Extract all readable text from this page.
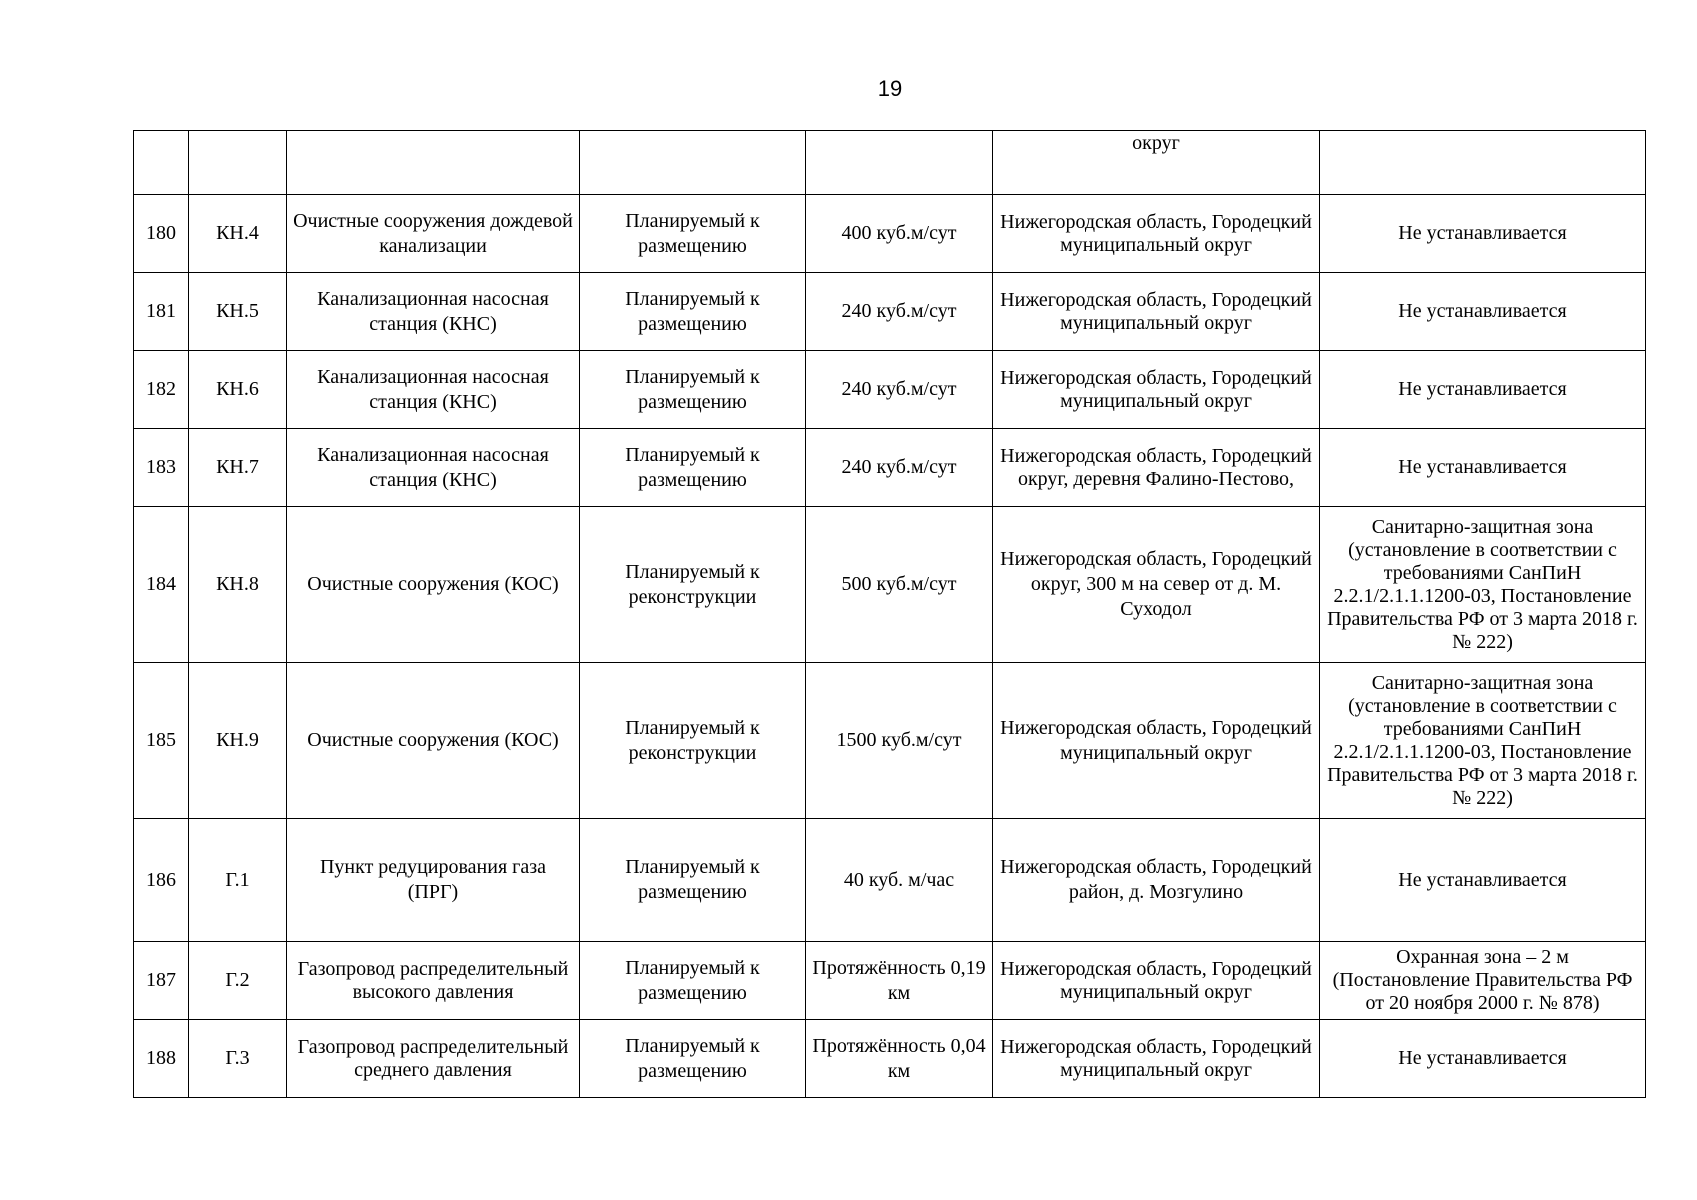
19
					округ	
180	КН.4	Очистные сооружения дождевой канализации	Планируемый к размещению	400 куб.м/сут	Нижегородская область, Городецкий муниципальный округ	Не устанавливается
181	КН.5	Канализационная насосная станция (КНС)	Планируемый к размещению	240 куб.м/сут	Нижегородская область, Городецкий муниципальный округ	Не устанавливается
182	КН.6	Канализационная насосная станция (КНС)	Планируемый к размещению	240 куб.м/сут	Нижегородская область, Городецкий муниципальный округ	Не устанавливается
183	КН.7	Канализационная насосная станция (КНС)	Планируемый к размещению	240 куб.м/сут	Нижегородская область, Городецкий округ, деревня Фалино-Пестово,	Не устанавливается
184	КН.8	Очистные сооружения (КОС)	Планируемый к реконструкции	500 куб.м/сут	Нижегородская область, Городецкий округ, 300 м на север от д. М. Суходол	Санитарно-защитная зона (установление в соответствии с требованиями СанПиН 2.2.1/2.1.1.1200-03, Постановление Правительства РФ от 3 марта 2018 г. № 222)
185	КН.9	Очистные сооружения (КОС)	Планируемый к реконструкции	1500 куб.м/сут	Нижегородская область, Городецкий муниципальный округ	Санитарно-защитная зона (установление в соответствии с требованиями СанПиН 2.2.1/2.1.1.1200-03, Постановление Правительства РФ от 3 марта 2018 г. № 222)
186	Г.1	Пункт редуцирования газа (ПРГ)	Планируемый к размещению	40 куб. м/час	Нижегородская область, Городецкий район, д. Мозгулино	Не устанавливается
187	Г.2	Газопровод распределительный высокого давления	Планируемый к размещению	Протяжённость 0,19 км	Нижегородская область, Городецкий муниципальный округ	Охранная зона – 2 м (Постановление Правительства РФ от 20 ноября 2000 г. № 878)
188	Г.3	Газопровод распределительный среднего давления	Планируемый к размещению	Протяжённость 0,04 км	Нижегородская область, Городецкий муниципальный округ	Не устанавливается
